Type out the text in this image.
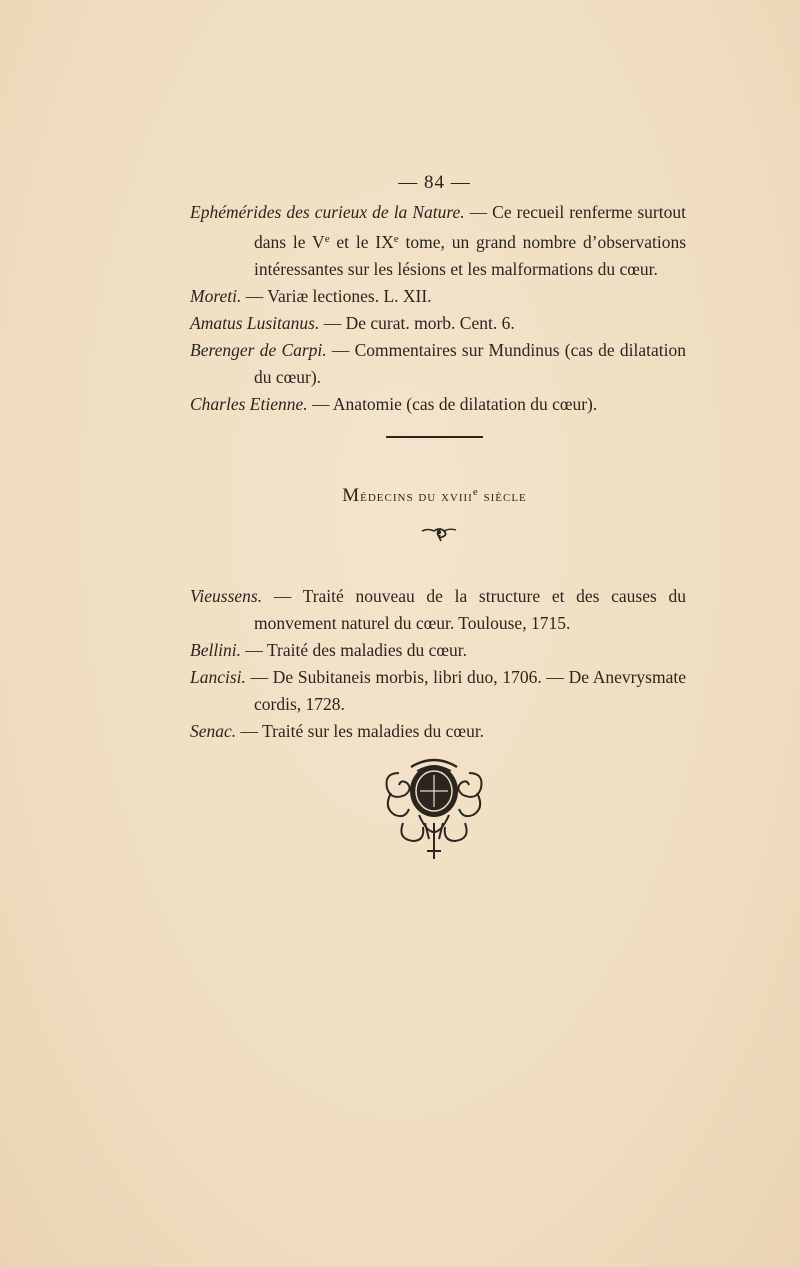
— 84 —
Ephémérides des curieux de la Nature. — Ce recueil renferme surtout dans le Ve et le IXe tome, un grand nombre d’observations intéressantes sur les lésions et les malformations du cœur.
Moreti. — Variæ lectiones. L. XII.
Amatus Lusitanus. — De curat. morb. Cent. 6.
Berenger de Carpi. — Commentaires sur Mundinus (cas de dilatation du cœur).
Charles Etienne. — Anatomie (cas de dilatation du cœur).
Médecins du xviii$^e$ siècle
Vieussens. — Traité nouveau de la structure et des causes du monvement naturel du cœur. Toulouse, 1715.
Bellini. — Traité des maladies du cœur.
Lancisi. — De Subitaneis morbis, libri duo, 1706. — De Anevrysmate cordis, 1728.
Senac. — Traité sur les maladies du cœur.
